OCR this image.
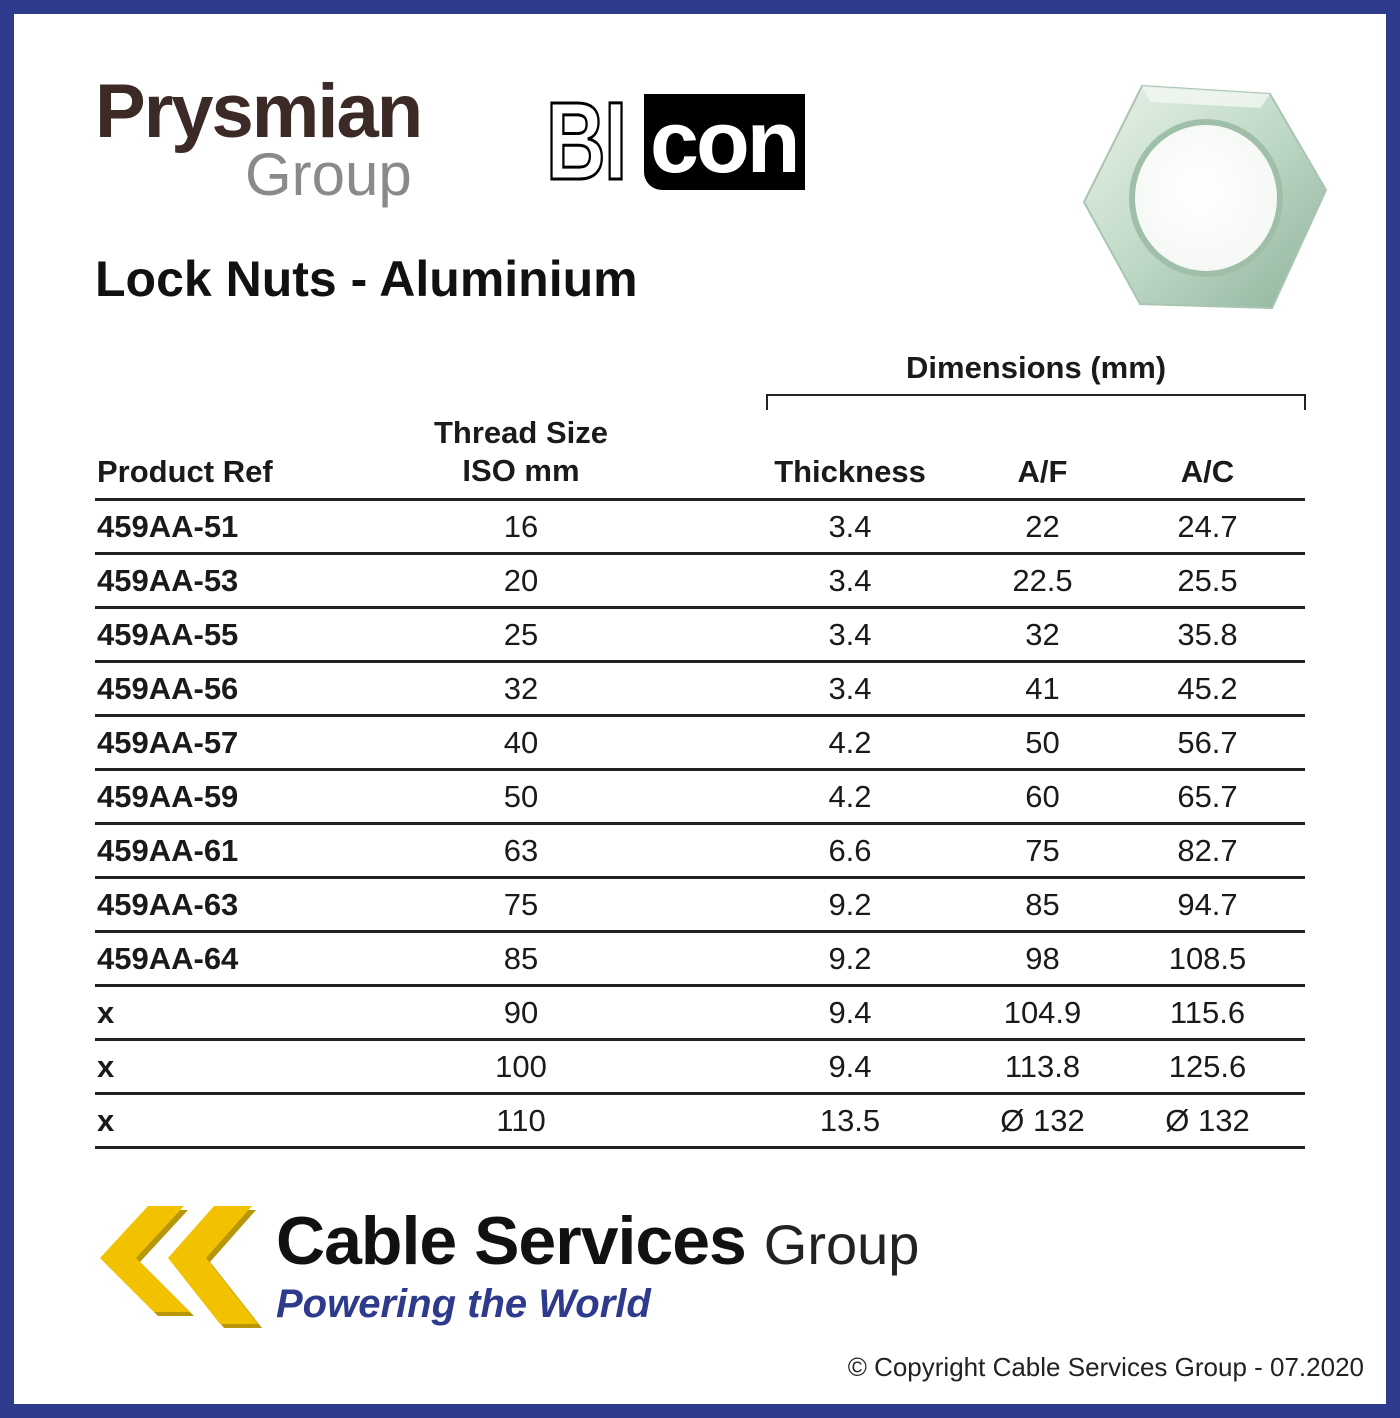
Prysmian
Group BI con
Lock Nuts - Aluminium
Dimensions (mm)
Product Ref
Thread Size
ISO mm	Thickness	A/F	A/C
459AA-51	16	3.4	22	24.7
459AA-53	20	3.4	22.5	25.5
459AA-55	25	3.4	32	35.8
459AA-56	32	3.4	41	45.2
459AA-57	40	4.2	50	56.7
459AA-59	50	4.2	60	65.7
459AA-61	63	6.6	75	82.7
459AA-63	75	9.2	85	94.7
459AA-64	85	9.2	98	108.5
x	90	9.4	104.9	115.6
x	100	9.4	113.8	125.6
x	110	13.5	Ø 132	Ø 132
Cable Services Group
Powering the World
© Copyright Cable Services Group - 07.2020
